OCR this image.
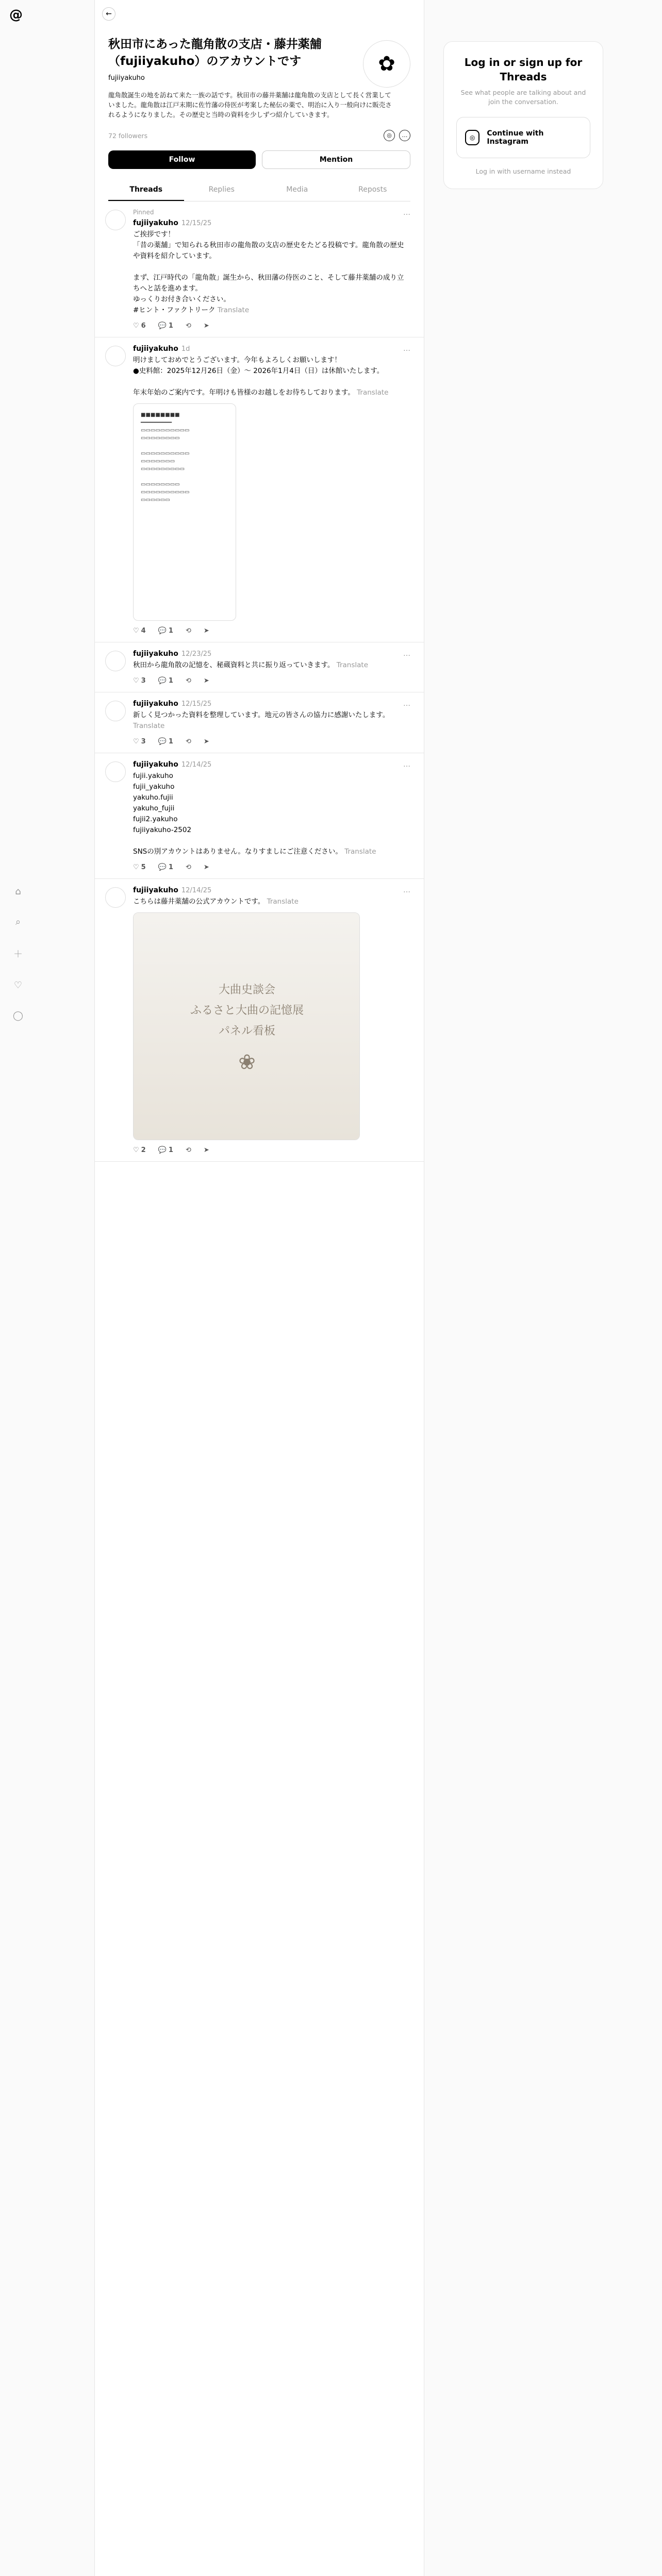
@
⌂
⌕
＋
♡
◯
←
秋田市にあった龍角散の支店・藤井薬舗（fujiiyakuho）のアカウントです	✿
fujiiyakuho
龍角散誕生の地を訪ねて来た一族の話です。秋田市の藤井薬舗は龍角散の支店として長く営業していました。龍角散は江戸末期に佐竹藩の侍医が考案した秘伝の薬で、明治に入り一般向けに販売されるようになりました。その歴史と当時の資料を少しずつ紹介していきます。
72 followers	◎ …
Follow	Mention
Threads	Replies	Media	Reposts
Pinned
fujiiyakuho 12/15/25
…
ご挨拶です！
「昔の薬舗」で知られる秋田市の龍角散の支店の歴史をたどる投稿です。龍角散の歴史や資料を紹介しています。

まず、江戸時代の「龍角散」誕生から、秋田藩の侍医のこと、そして藤井薬舗の成り立ちへと話を進めます。
ゆっくりお付き合いください。
#ヒント・ファクトリーク Translate
♡ 6 💬 1 ⟲ ➤
fujiiyakuho 1d	…
明けましておめでとうございます。今年もよろしくお願いします！
●史料館：2025年12月26日（金）〜 2026年1月4日（日）は休館いたします。

年末年始のご案内です。年明けも皆様のお越しをお待ちしております。 Translate
■■■■■■■■
━━━━━━━━━━
▭▭▭▭▭▭▭▭▭▭
▭▭▭▭▭▭▭▭

▭▭▭▭▭▭▭▭▭▭
▭▭▭▭▭▭▭
▭▭▭▭▭▭▭▭▭

▭▭▭▭▭▭▭▭
▭▭▭▭▭▭▭▭▭▭
▭▭▭▭▭▭
♡ 4 💬 1 ⟲ ➤
fujiiyakuho 12/23/25	…
秋田から龍角散の記憶を、秘蔵資料と共に振り返っていきます。 Translate
♡ 3 💬 1 ⟲ ➤
fujiiyakuho 12/15/25	…
新しく見つかった資料を整理しています。地元の皆さんの協力に感謝いたします。 Translate
♡ 3 💬 1 ⟲ ➤
fujiiyakuho 12/14/25	…
fujii.yakuho
fujii_yakuho
yakuho.fujii
yakuho_fujii
fujii2.yakuho
fujiiyakuho-2502

SNSの別アカウントはありません。なりすましにご注意ください。 Translate
♡ 5 💬 1 ⟲ ➤
fujiiyakuho 12/14/25	…
こちらは藤井薬舗の公式アカウントです。 Translate
大曲史談会
ふるさと大曲の記憶展
パネル看板
❀
♡ 2 💬 1 ⟲ ➤
Log in or sign up for Threads

See what people are talking about and join the conversation.

◎	Continue with Instagram
Log in with username instead
